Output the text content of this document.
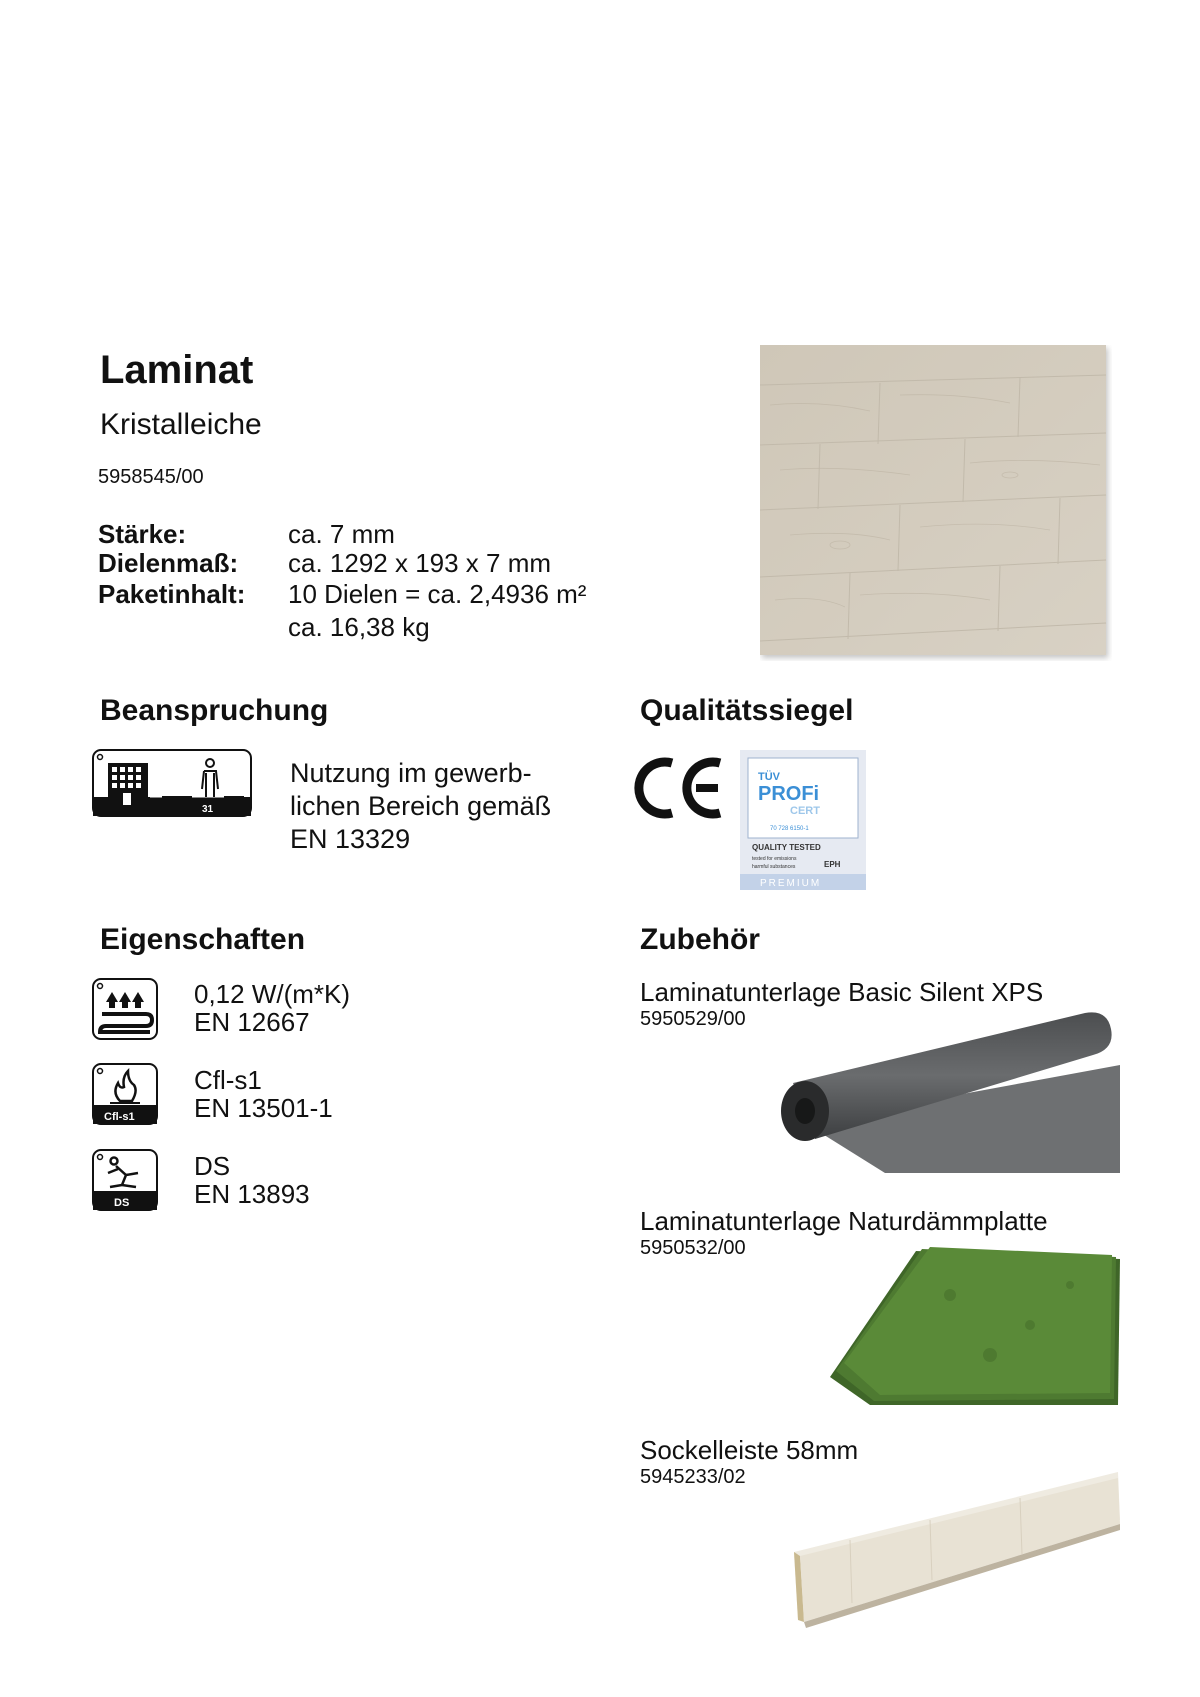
Laminat
Kristalleiche
5958545/00
Stärke:	ca. 7 mm
Dielenmaß:	ca. 1292 x 193 x 7 mm
Paketinhalt:	10 Dielen = ca. 2,4936 m²
ca. 16,38 kg
Beanspruchung
31
Nutzung im gewerb-
lichen Bereich gemäß
EN 13329
Qualitätssiegel
TÜV
PROFi
CERT
70 728 6150-1
QUALITY TESTED
tested for emissions
harmful substances	EPH
PREMIUM
Eigenschaften
0,12 W/(m*K)
EN 12667
Cfl-s1
Cfl-s1
EN 13501-1
DS
DS
EN 13893
Zubehör
Laminatunterlage Basic Silent XPS
5950529/00
Laminatunterlage Naturdämmplatte
5950532/00
Sockelleiste 58mm
5945233/02
